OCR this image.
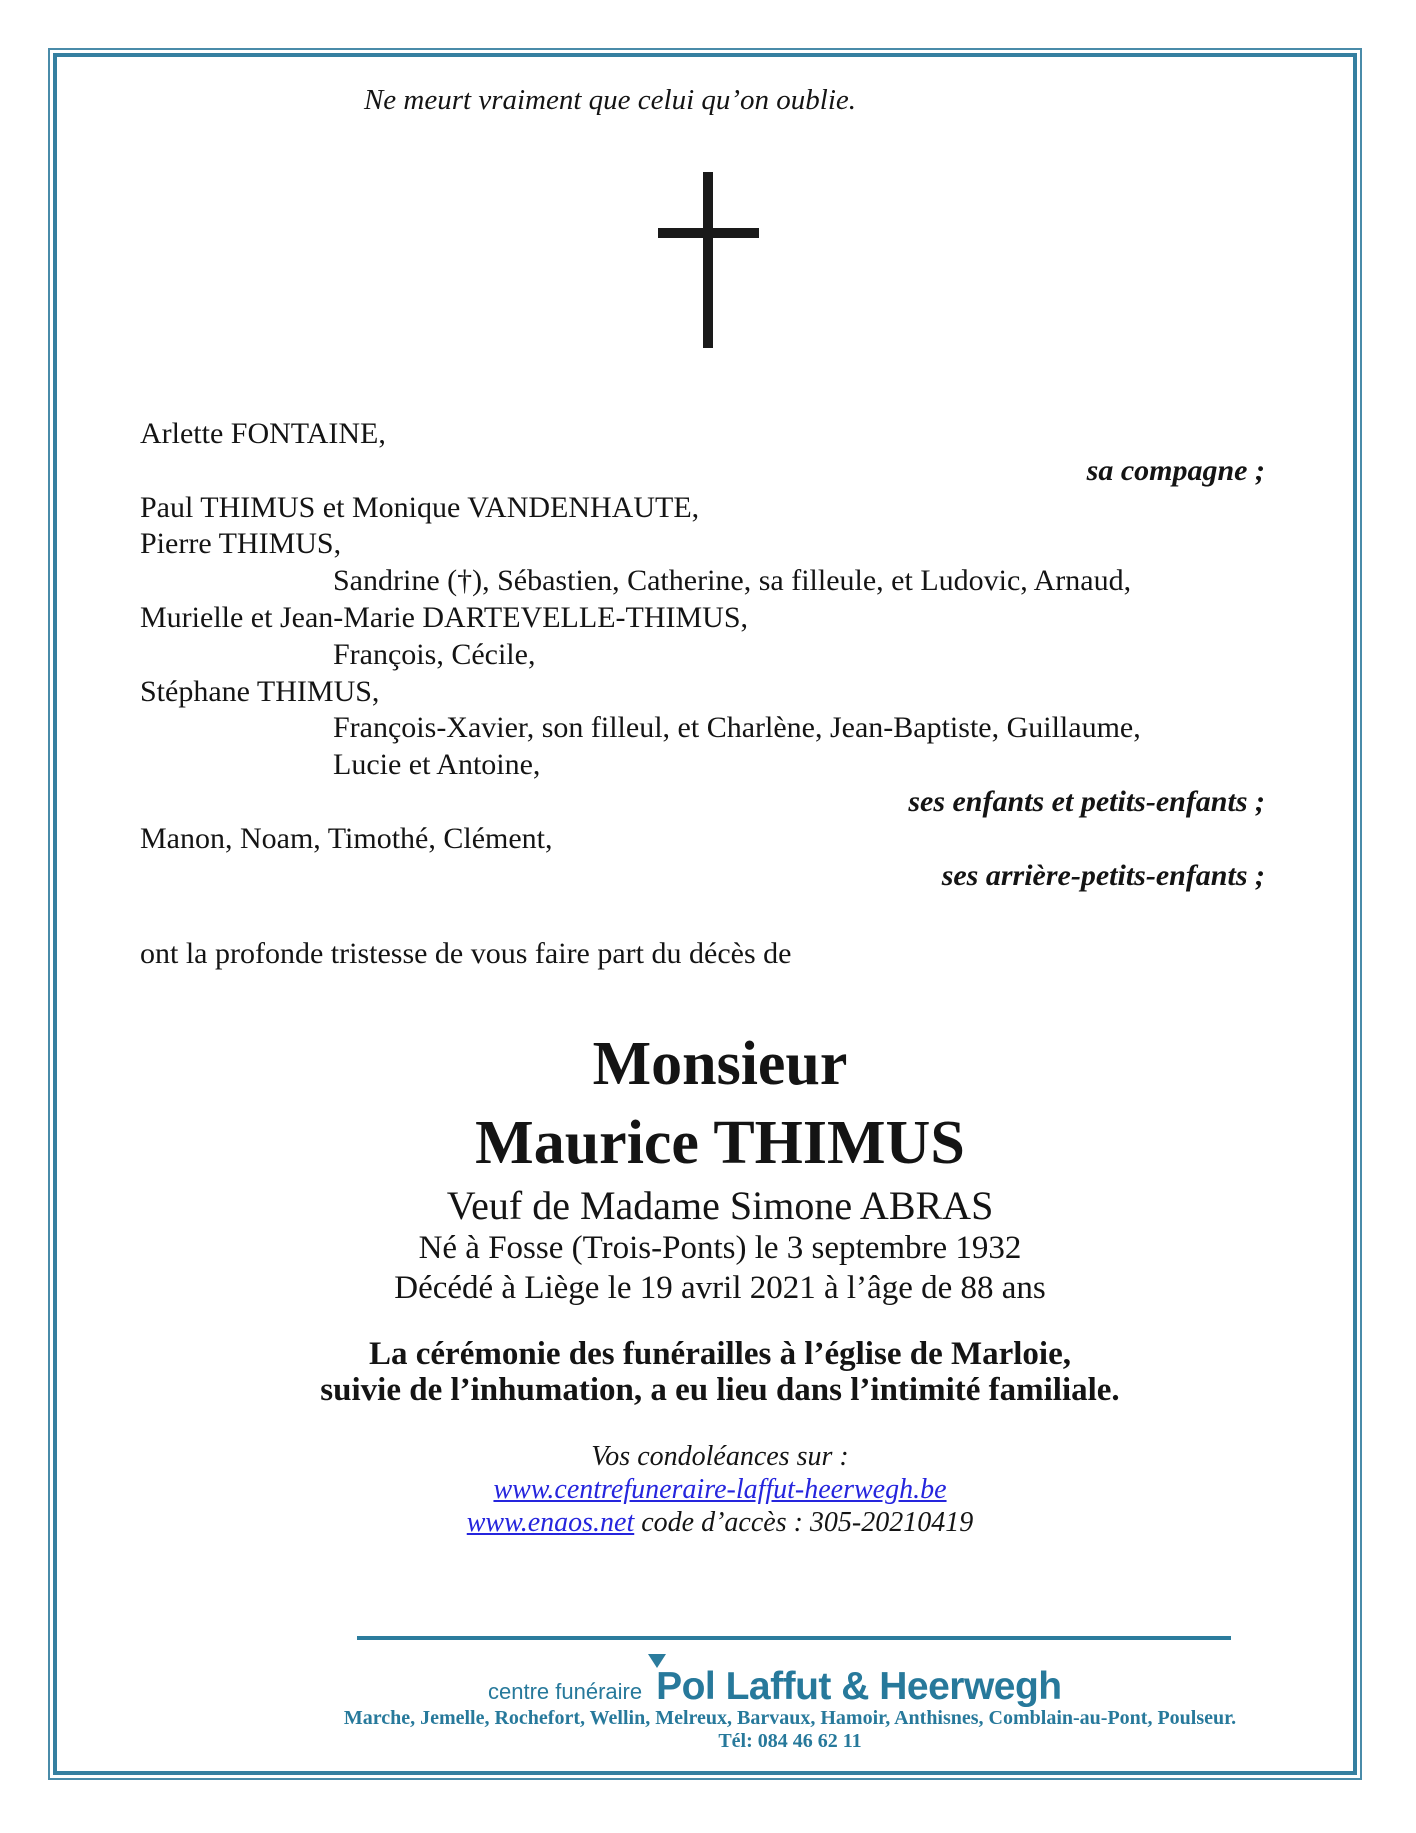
Ne meurt vraiment que celui qu’on oublie.
Arlette FONTAINE,
sa compagne ;
Paul THIMUS et Monique VANDENHAUTE,
Pierre THIMUS,
Sandrine (†), Sébastien, Catherine, sa filleule, et Ludovic, Arnaud,
Murielle et Jean-Marie DARTEVELLE-THIMUS,
François, Cécile,
Stéphane THIMUS,
François-Xavier, son filleul, et Charlène, Jean-Baptiste, Guillaume,
Lucie et Antoine,
ses enfants et petits-enfants ;
Manon, Noam, Timothé, Clément,
ses arrière-petits-enfants ;
ont la profonde tristesse de vous faire part du décès de
Monsieur
Maurice THIMUS
Veuf de Madame Simone ABRAS
Né à Fosse (Trois-Ponts) le 3 septembre 1932
Décédé à Liège le 19 avril 2021 à l’âge de 88 ans
La cérémonie des funérailles à l’église de Marloie,
suivie de l’inhumation, a eu lieu dans l’intimité familiale.
Vos condoléances sur :
www.centrefuneraire-laffut-heerwegh.be
www.enaos.net code d’accès : 305-20210419
centre funéraire Pol Laffut & Heerwegh
Marche, Jemelle, Rochefort, Wellin, Melreux, Barvaux, Hamoir, Anthisnes, Comblain-au-Pont, Poulseur.
Tél: 084 46 62 11
